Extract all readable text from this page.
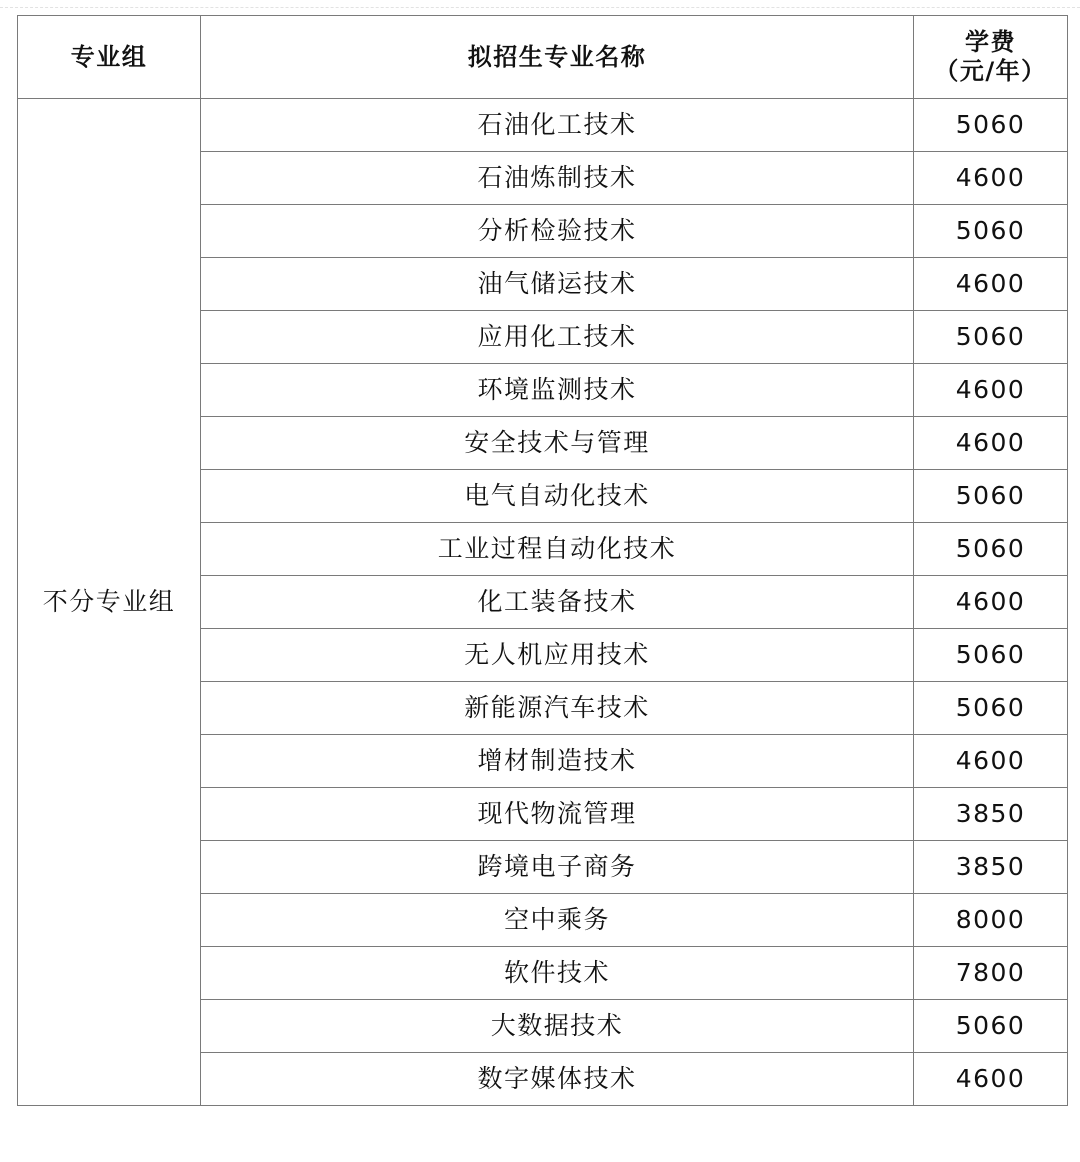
专业组	拟招生专业名称	学费
（元/年）

不分专业组	石油化工技术	5060
	石油炼制技术	4600
	分析检验技术	5060
	油气储运技术	4600
	应用化工技术	5060
	环境监测技术	4600
	安全技术与管理	4600
	电气自动化技术	5060
	工业过程自动化技术	5060
	化工装备技术	4600
	无人机应用技术	5060
	新能源汽车技术	5060
	增材制造技术	4600
	现代物流管理	3850
	跨境电子商务	3850
	空中乘务	8000
	软件技术	7800
	大数据技术	5060
	数字媒体技术	4600
